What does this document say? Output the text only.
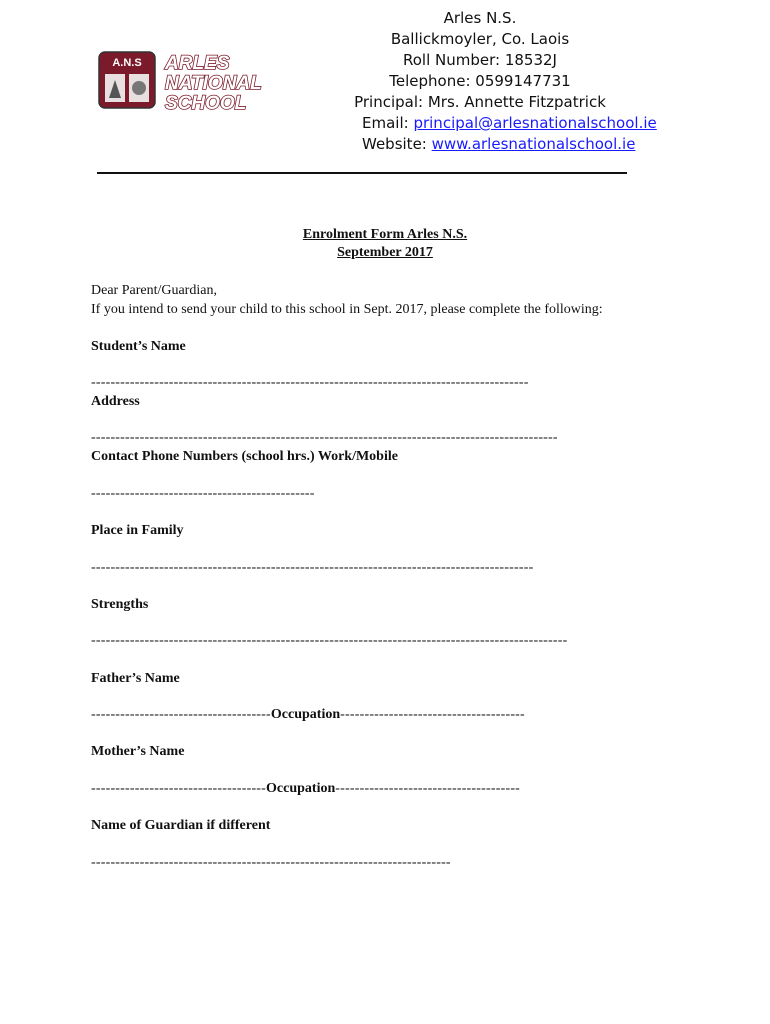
A.N.S ARLES
NATIONAL
SCHOOL
Arles N.S.
Ballickmoyler, Co. Laois
Roll Number: 18532J
Telephone: 0599147731
Principal: Mrs. Annette Fitzpatrick
Email: principal@arlesnationalschool.ie
Website: www.arlesnationalschool.ie
Enrolment Form Arles N.S.
September 2017
Dear Parent/Guardian,
If you intend to send your child to this school in Sept. 2017, please complete the following:
Student’s Name
------------------------------------------------------------------------------------------
Address
------------------------------------------------------------------------------------------------
Contact Phone Numbers (school hrs.) Work/Mobile
----------------------------------------------
Place in Family
-------------------------------------------------------------------------------------------
Strengths
--------------------------------------------------------------------------------------------------
Father’s Name
-------------------------------------Occupation--------------------------------------
Mother’s Name
------------------------------------Occupation--------------------------------------
Name of Guardian if different
--------------------------------------------------------------------------
